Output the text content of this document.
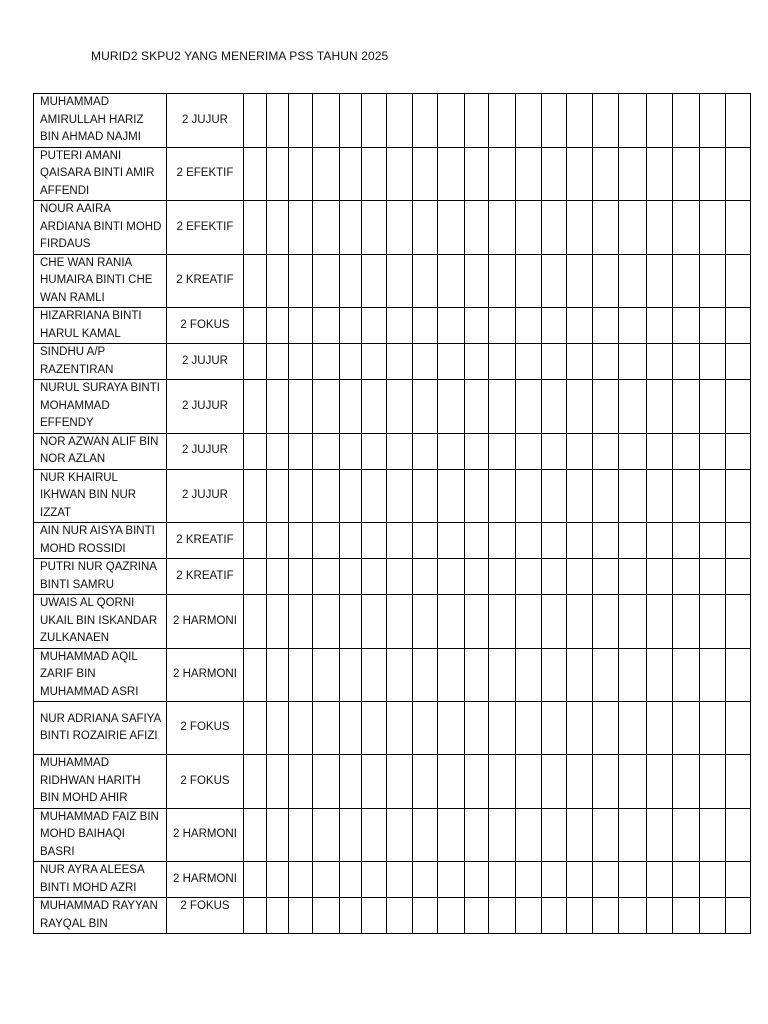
MURID2 SKPU2 YANG MENERIMA PSS TAHUN 2025
MUHAMMAD AMIRULLAH HARIZ BIN AHMAD NAJMI	2 JUJUR																				
PUTERI AMANI QAISARA BINTI AMIR AFFENDI	2 EFEKTIF																				
NOUR AAIRA ARDIANA BINTI MOHD FIRDAUS	2 EFEKTIF																				
CHE WAN RANIA HUMAIRA BINTI CHE WAN RAMLI	2 KREATIF																				
HIZARRIANA BINTI HARUL KAMAL	2 FOKUS																				
SINDHU A/P RAZENTIRAN	2 JUJUR																				
NURUL SURAYA BINTI MOHAMMAD EFFENDY	2 JUJUR																				
NOR AZWAN ALIF BIN NOR AZLAN	2 JUJUR																				
NUR KHAIRUL IKHWAN BIN NUR IZZAT	2 JUJUR																				
AIN NUR AISYA BINTI MOHD ROSSIDI	2 KREATIF																				
PUTRI NUR QAZRINA BINTI SAMRU	2 KREATIF																				
UWAIS AL QORNI UKAIL BIN ISKANDAR ZULKANAEN	2 HARMONI																				
MUHAMMAD AQIL ZARIF BIN MUHAMMAD ASRI	2 HARMONI																				
NUR ADRIANA SAFIYA BINTI ROZAIRIE AFIZI	2 FOKUS																				
MUHAMMAD RIDHWAN HARITH BIN MOHD AHIR	2 FOKUS																				
MUHAMMAD FAIZ BIN MOHD BAIHAQI BASRI	2 HARMONI																				
NUR AYRA ALEESA BINTI MOHD AZRI	2 HARMONI																				
MUHAMMAD RAYYAN RAYQAL BIN	2 FOKUS																				
